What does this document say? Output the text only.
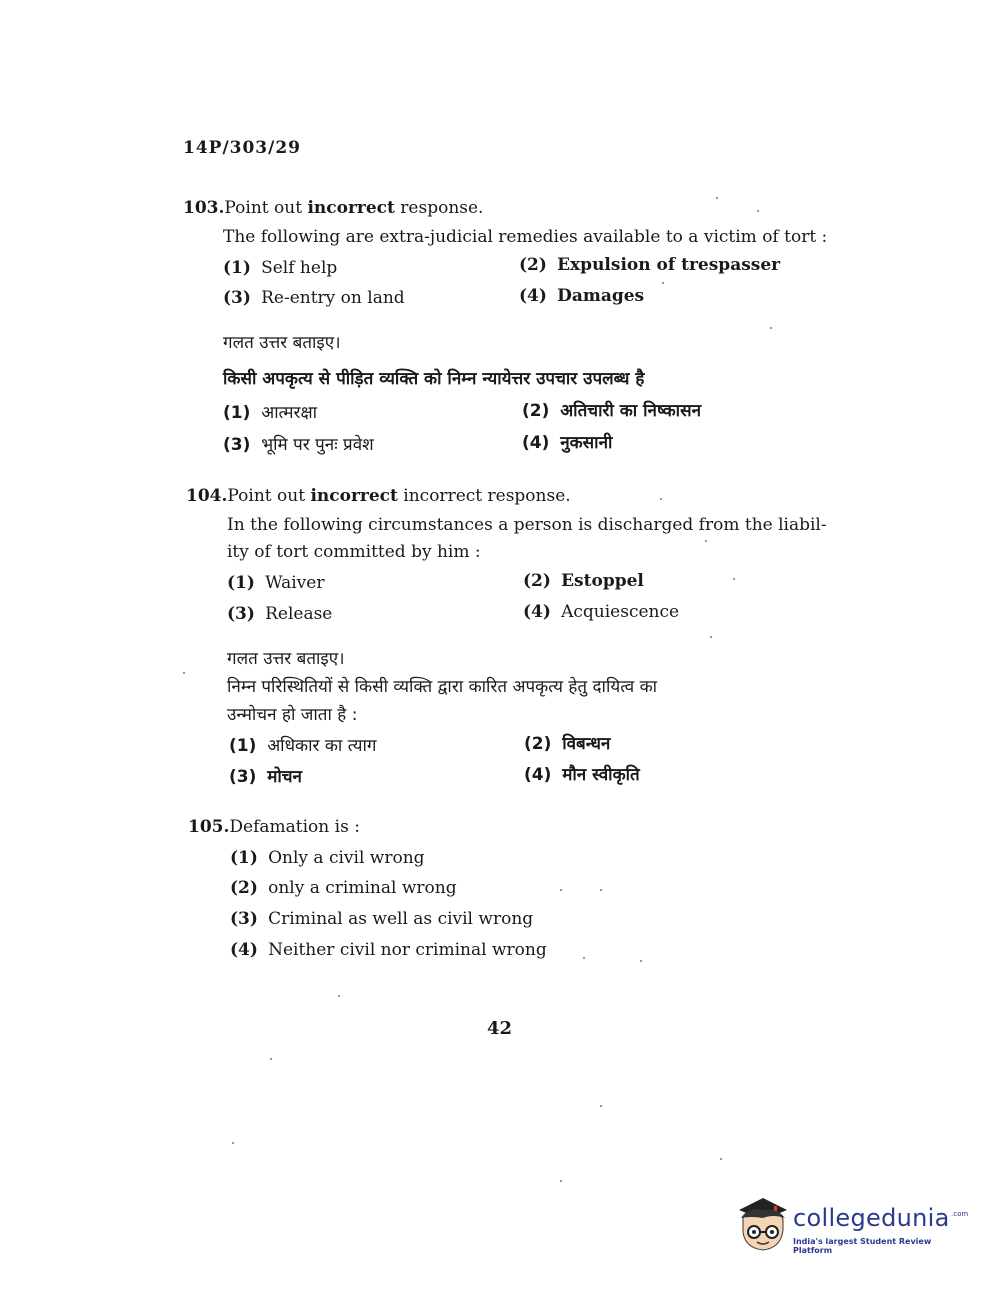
14P/303/29
103.Point out incorrect response.
The following are extra-judicial remedies available to a victim of tort :
(1) Self help	(2) Expulsion of trespasser
(3) Re-entry on land	(4) Damages
गलत उत्तर बताइए।
किसी अपकृत्य से पीड़ित व्यक्ति को निम्न न्यायेत्तर उपचार उपलब्ध है
(1) आत्मरक्षा	(2) अतिचारी का निष्कासन
(3) भूमि पर पुनः प्रवेश	(4) नुकसानी
104.Point out incorrect incorrect response.
In the following circumstances a person is discharged from the liabil-
ity of tort committed by him :
(1) Waiver	(2) Estoppel
(3) Release	(4) Acquiescence
गलत उत्तर बताइए।
निम्न परिस्थितियों से किसी व्यक्ति द्वारा कारित अपकृत्य हेतु दायित्व का
उन्मोचन हो जाता है :
(1) अधिकार का त्याग	(2) विबन्धन
(3) मोचन	(4) मौन स्वीकृति
105.Defamation is :
(1) Only a civil wrong
(2) only a criminal wrong
(3) Criminal as well as civil wrong
(4) Neither civil nor criminal wrong
42
collegedunia .com
India's largest Student Review Platform
